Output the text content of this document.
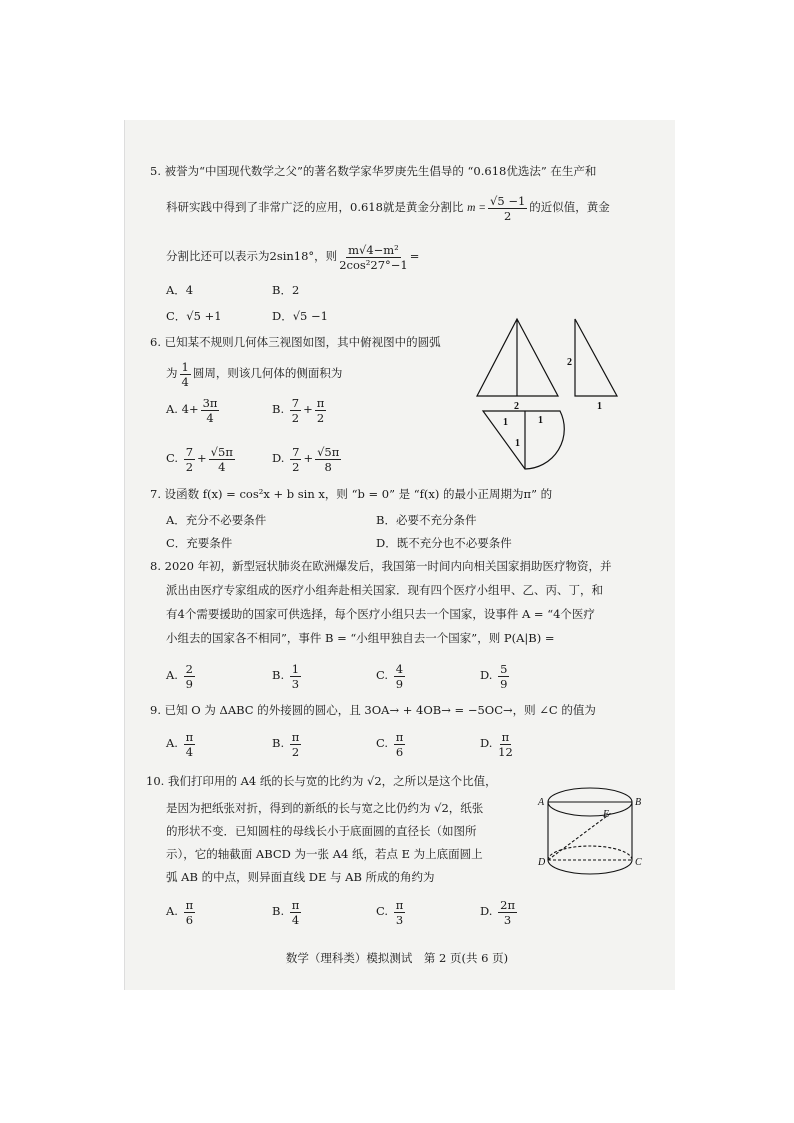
5. 被誉为“中国现代数学之父”的著名数学家华罗庚先生倡导的 “0.618优选法” 在生产和
科研实践中得到了非常广泛的应用，0.618就是黄金分割比 $m = \frac{√5 -1}{2}$ 的近似值，黄金
分割比还可以表示为2sin18°，则 $\frac{\text{m√4−m²}}{\text{2cos²27°−1}}$ =
A．4	B．2
C．√5 +1	D．√5 −1
6. 已知某不规则几何体三视图如图，其中俯视图中的圆弧
为 $\frac{1}{4}$ 圆周，则该几何体的侧面积为
A. $4+ \frac{3\pi}{4}$	B. $\frac{7}{2} + \frac{\pi}{2}$
C. $\frac{7}{2} + \frac{√5\pi}{4}$	D. $\frac{7}{2} + \frac{√5\pi}{8}$
2
2
1
1	1
1
7. 设函数 f(x) = cos²x + b sin x，则 “b = 0” 是 “f(x) 的最小正周期为π” 的
A．充分不必要条件	B．必要不充分条件
C．充要条件	D．既不充分也不必要条件
8. 2020 年初，新型冠状肺炎在欧洲爆发后，我国第一时间内向相关国家捐助医疗物资，并
派出由医疗专家组成的医疗小组奔赴相关国家．现有四个医疗小组甲、乙、丙、丁，和
有4个需要援助的国家可供选择，每个医疗小组只去一个国家，设事件 A = “4个医疗
小组去的国家各不相同”，事件 B = “小组甲独自去一个国家”，则 P(A|B) =
9. 已知 O 为 ΔABC 的外接圆的圆心，且 3OA→ + 4OB→ = −5OC→，则 ∠C 的值为
10. 我们打印用的 A4 纸的长与宽的比约为 √2，之所以是这个比值，
是因为把纸张对折，得到的新纸的长与宽之比仍约为 √2，纸张
的形状不变．已知圆柱的母线长小于底面圆的直径长（如图所
示），它的轴截面 ABCD 为一张 A4 纸，若点 E 为上底面圆上
弧 AB 的中点，则异面直线 DE 与 AB 所成的角约为
A	B
E
D	C
数学（理科类）模拟测试　第 2 页(共 6 页)
A. $\frac{2}{9}$	B. $\frac{1}{3}$	C. $\frac{4}{9}$	D. $\frac{5}{9}$
A. $\frac{\pi}{4}$	B. $\frac{\pi}{2}$	C. $\frac{\pi}{6}$	D. $\frac{\pi}{12}$
A. $\frac{\pi}{6}$	B. $\frac{\pi}{4}$	C. $\frac{\pi}{3}$	D. $\frac{2\pi}{3}$
